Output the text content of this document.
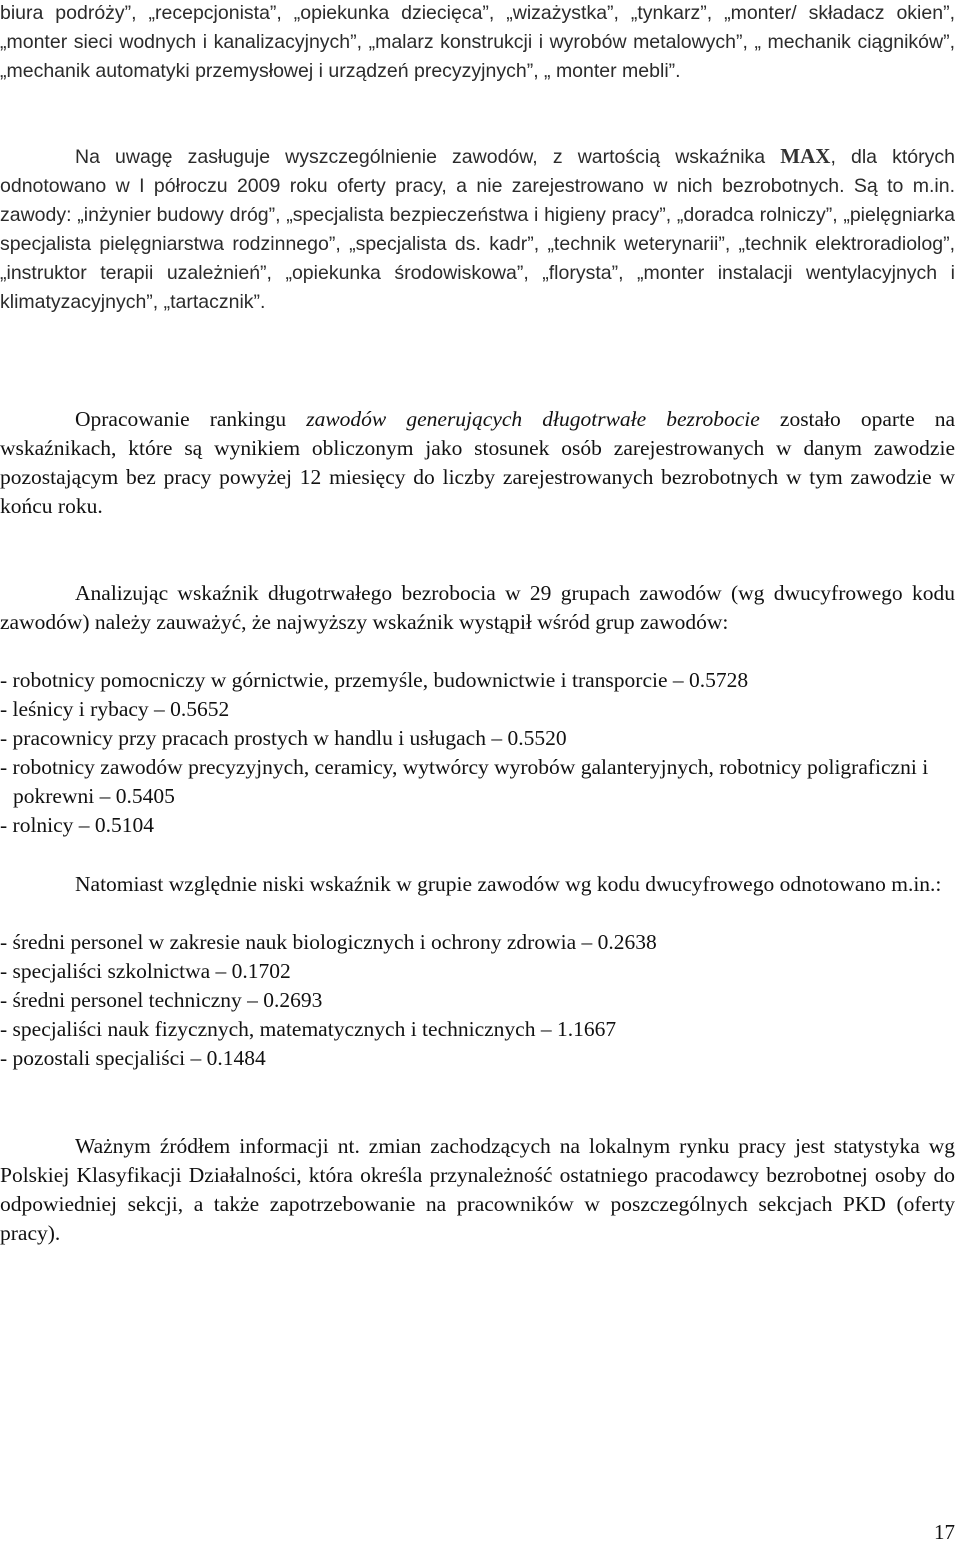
biura podróży”, „recepcjonista”, „opiekunka dziecięca”, „wizażystka”, „tynkarz”, „monter/ składacz okien”, „monter sieci wodnych i kanalizacyjnych”, „malarz konstrukcji i wyrobów metalowych”, „ mechanik ciągników”, „mechanik automatyki przemysłowej i urządzeń precyzyjnych”, „ monter mebli”.

Na uwagę zasługuje wyszczególnienie zawodów, z wartością wskaźnika MAX, dla których odnotowano w I półroczu 2009 roku oferty pracy, a nie zarejestrowano w nich bezrobotnych. Są to m.in. zawody: „inżynier budowy dróg”, „specjalista bezpieczeństwa i higieny pracy”, „doradca rolniczy”, „pielęgniarka specjalista pielęgniarstwa rodzinnego”, „specjalista ds. kadr”, „technik weterynarii”, „technik elektroradiolog”, „instruktor terapii uzależnień”, „opiekunka środowiskowa”, „florysta”, „monter instalacji wentylacyjnych i klimatyzacyjnych”, „tartacznik”.

Opracowanie rankingu zawodów generujących długotrwałe bezrobocie zostało oparte na wskaźnikach, które są wynikiem obliczonym jako stosunek osób zarejestrowanych w danym zawodzie pozostającym bez pracy powyżej 12 miesięcy do liczby zarejestrowanych bezrobotnych w tym zawodzie w końcu roku.

Analizując wskaźnik długotrwałego bezrobocia w 29 grupach zawodów (wg dwucyfrowego kodu zawodów) należy zauważyć, że najwyższy wskaźnik wystąpił wśród grup zawodów:

- robotnicy pomocniczy w górnictwie, przemyśle, budownictwie i transporcie – 0.5728
- leśnicy i rybacy – 0.5652
- pracownicy przy pracach prostych w handlu i usługach – 0.5520
- robotnicy zawodów precyzyjnych, ceramicy, wytwórcy wyrobów galanteryjnych, robotnicy poligraficzni i pokrewni – 0.5405
- rolnicy – 0.5104

Natomiast względnie niski wskaźnik w grupie zawodów wg kodu dwucyfrowego odnotowano m.in.:

- średni personel w zakresie nauk biologicznych i ochrony zdrowia – 0.2638
- specjaliści szkolnictwa – 0.1702
- średni personel techniczny – 0.2693
- specjaliści nauk fizycznych, matematycznych i technicznych – 1.1667
- pozostali specjaliści – 0.1484

Ważnym źródłem informacji nt. zmian zachodzących na lokalnym rynku pracy jest statystyka wg Polskiej Klasyfikacji Działalności, która określa przynależność ostatniego pracodawcy bezrobotnej osoby do odpowiedniej sekcji, a także zapotrzebowanie na pracowników w poszczególnych sekcjach PKD (oferty pracy).

17
